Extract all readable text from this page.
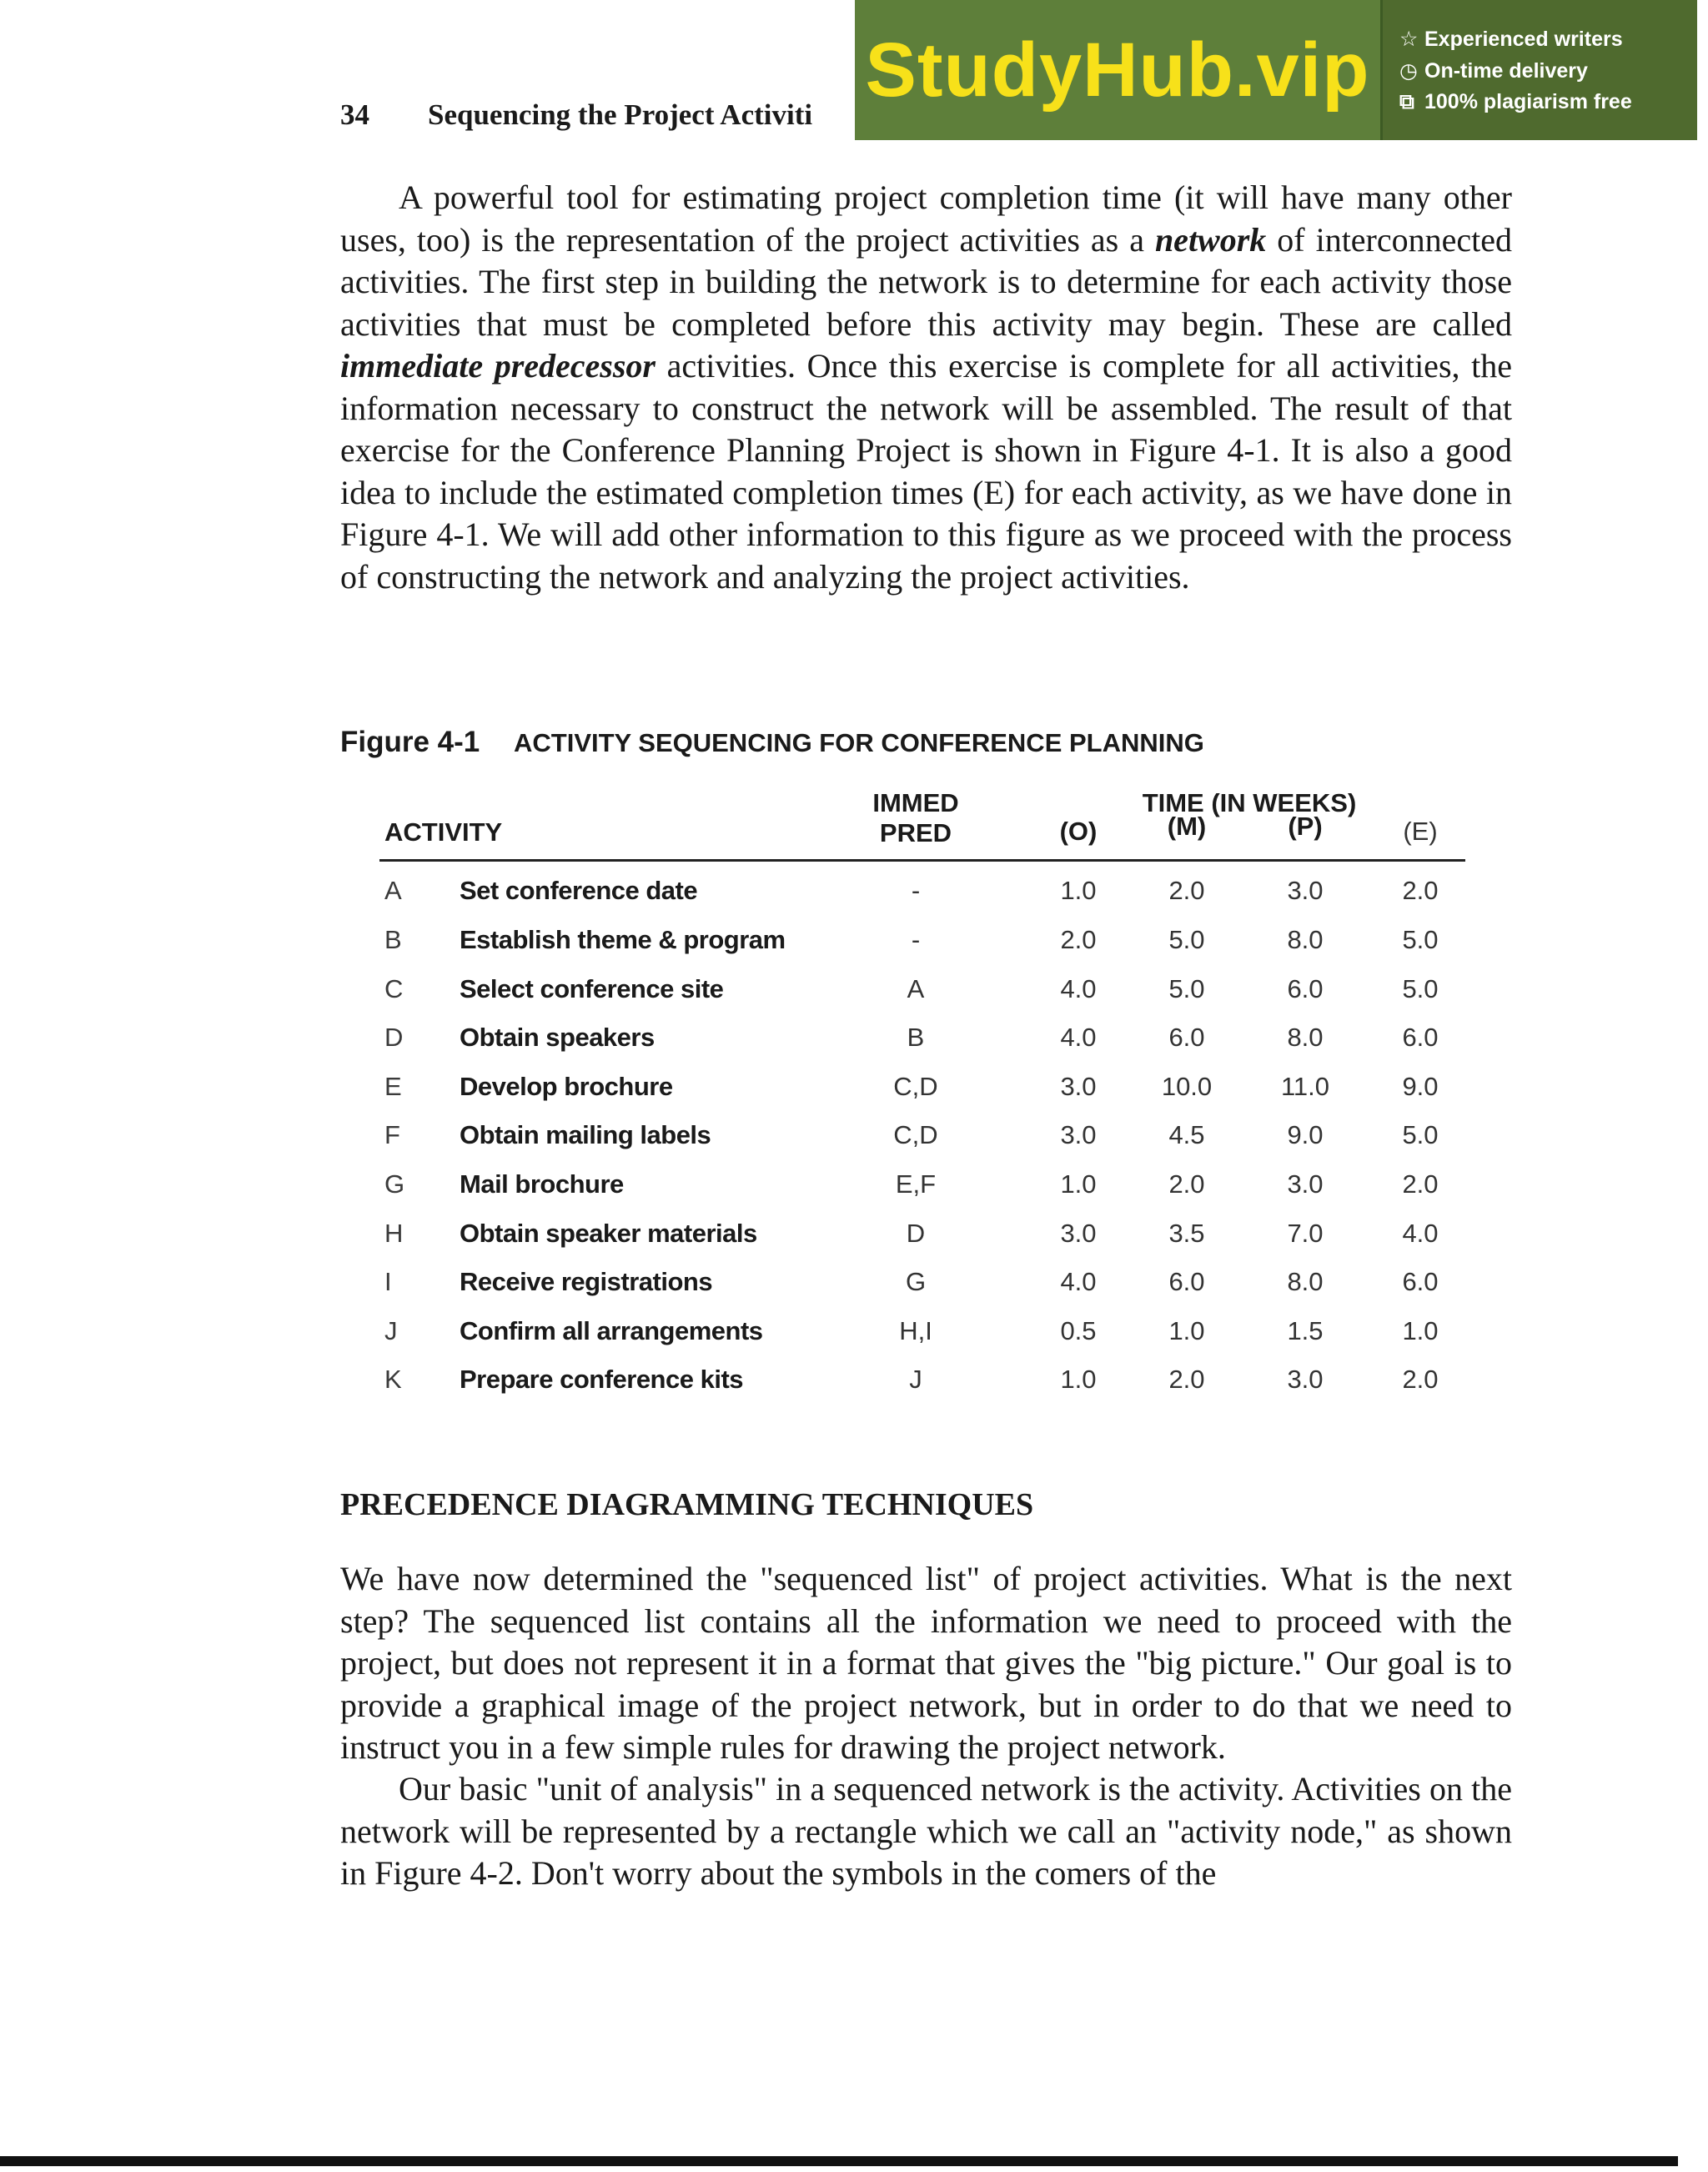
34 Sequencing the Project Activiti
StudyHub.vip	☆ Experienced writers
◷ On-time delivery
⧉ 100% plagiarism free

A powerful tool for estimating project completion time (it will have many other uses, too) is the representation of the project activities as a network of interconnected activities. The first step in building the network is to determine for each activity those activities that must be completed before this activity may begin. These are called immediate predecessor activities. Once this exercise is complete for all activities, the information necessary to construct the network will be assembled. The result of that exercise for the Conference Planning Project is shown in Figure 4-1. It is also a good idea to include the estimated completion times (E) for each activity, as we have done in Figure 4-1. We will add other information to this figure as we proceed with the process of constructing the network and analyzing the project activities.

Figure 4-1 ACTIVITY SEQUENCING FOR CONFERENCE PLANNING
ACTIVITY
IMMED
PRED
TIME (IN WEEKS)
(O)	(M)	(P)	(E)
A Set conference date	-	1.0	2.0	3.0	2.0
B Establish theme & program	-	2.0	5.0	8.0	5.0
C Select conference site	A	4.0	5.0	6.0	5.0
D Obtain speakers	B	4.0	6.0	8.0	6.0
E Develop brochure	C,D	3.0	10.0	11.0	9.0
F Obtain mailing labels	C,D	3.0	4.5	9.0	5.0
G Mail brochure	E,F	1.0	2.0	3.0	2.0
H Obtain speaker materials	D	3.0	3.5	7.0	4.0
I	Receive registrations	G	4.0	6.0	8.0	6.0
J Confirm all arrangements	H,I	0.5	1.0	1.5	1.0
K Prepare conference kits	J	1.0	2.0	3.0	2.0
PRECEDENCE DIAGRAMMING TECHNIQUES

We have now determined the "sequenced list" of project activities. What is the next step? The sequenced list contains all the information we need to proceed with the project, but does not represent it in a format that gives the "big picture." Our goal is to provide a graphical image of the project network, but in order to do that we need to instruct you in a few simple rules for drawing the project network.

Our basic "unit of analysis" in a sequenced network is the activity. Activities on the network will be represented by a rectangle which we call an "activity node," as shown in Figure 4-2. Don't worry about the symbols in the comers of the
